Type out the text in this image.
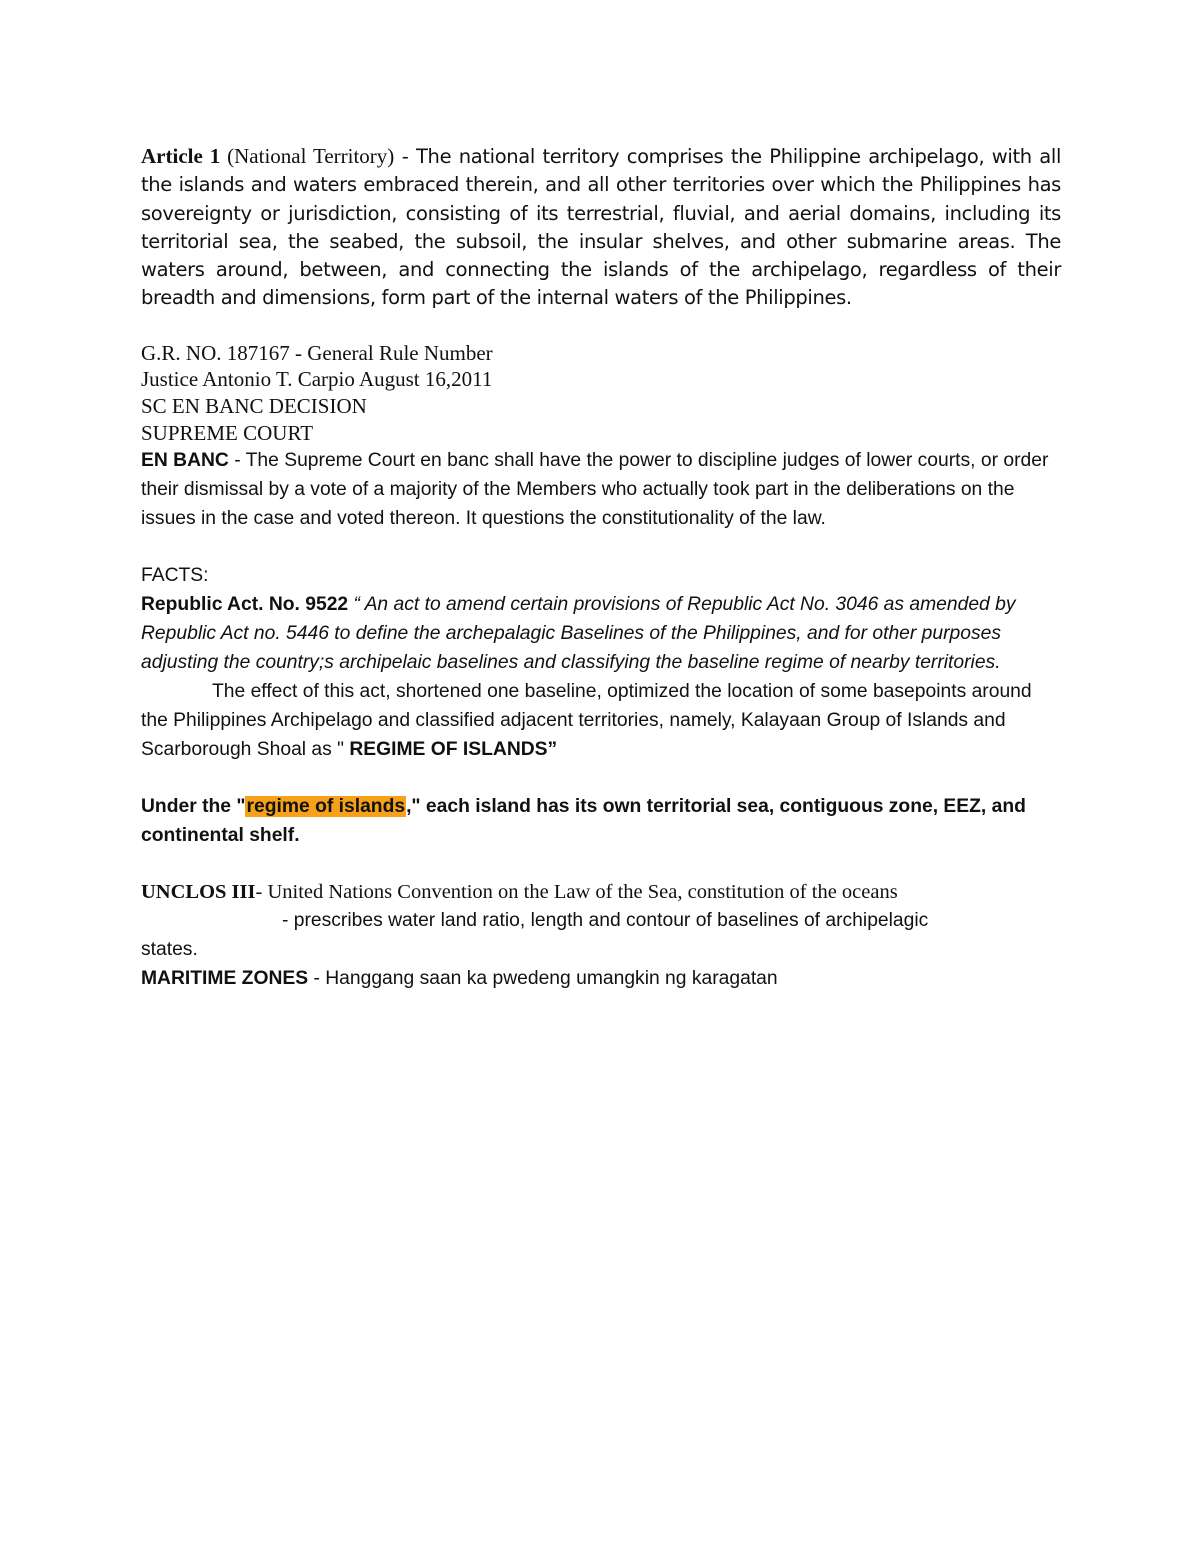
Article 1 (National Territory) - The national territory comprises the Philippine archipelago, with all the islands and waters embraced therein, and all other territories over which the Philippines has sovereignty or jurisdiction, consisting of its terrestrial, fluvial, and aerial domains, including its territorial sea, the seabed, the subsoil, the insular shelves, and other submarine areas. The waters around, between, and connecting the islands of the archipelago, regardless of their breadth and dimensions, form part of the internal waters of the Philippines.

G.R. NO. 187167 - General Rule Number
Justice Antonio T. Carpio August 16,2011
SC EN BANC DECISION
SUPREME COURT

EN BANC - The Supreme Court en banc shall have the power to discipline judges of lower courts, or order their dismissal by a vote of a majority of the Members who actually took part in the deliberations on the issues in the case and voted thereon. It questions the constitutionality of the law.

FACTS:

Republic Act. No. 9522 “ An act to amend certain provisions of Republic Act No. 3046 as amended by Republic Act no. 5446 to define the archepalagic Baselines of the Philippines, and for other purposes adjusting the country;s archipelaic baselines and classifying the baseline regime of nearby territories.

The effect of this act, shortened one baseline, optimized the location of some basepoints around the Philippines Archipelago and classified adjacent territories, namely, Kalayaan Group of Islands and Scarborough Shoal as " REGIME OF ISLANDS”

Under the "regime of islands," each island has its own territorial sea, contiguous zone, EEZ, and continental shelf.

UNCLOS III- United Nations Convention on the Law of the Sea, constitution of the oceans

- prescribes water land ratio, length and contour of baselines of archipelagic

states.

MARITIME ZONES - Hanggang saan ka pwedeng umangkin ng karagatan
